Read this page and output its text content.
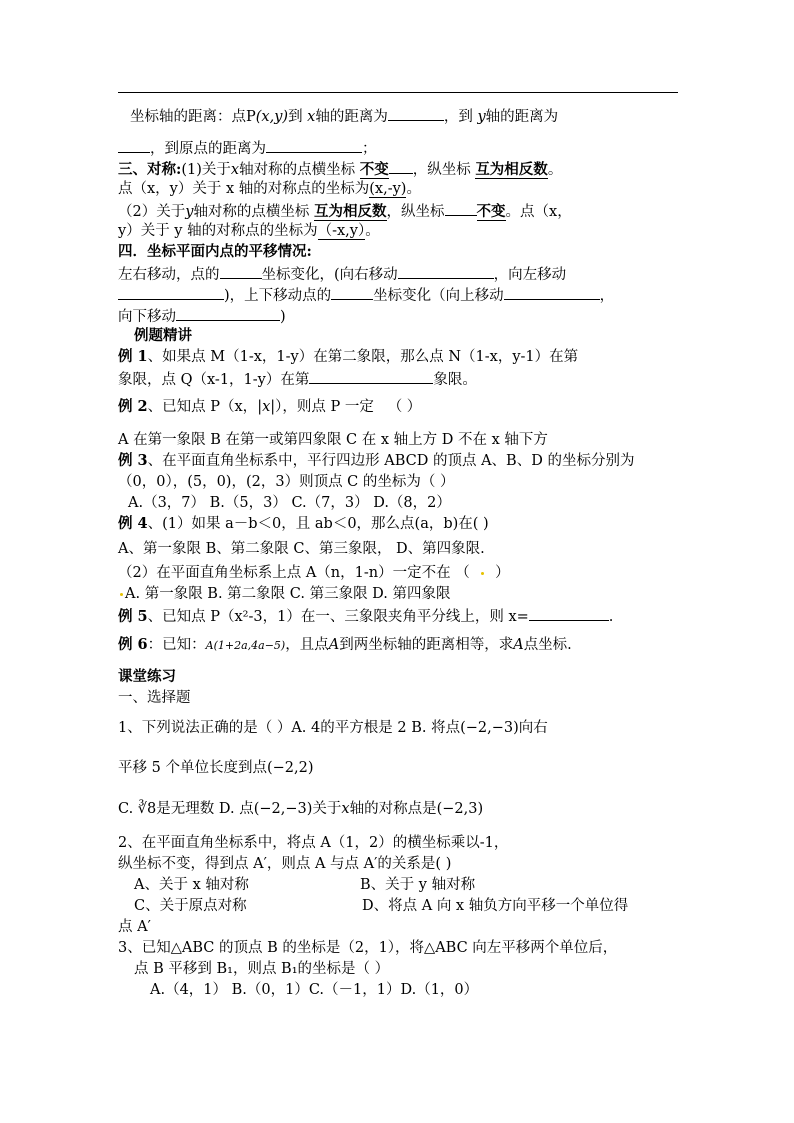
坐标轴的距离：点P(x,y)到 x轴的距离为	，到 y轴的距离为
，到原点的距离为	；
三、对称:(1)关于x轴对称的点横坐标 不变 ，纵坐标 互为相反数。
点（x，y）关于 x 轴的对称点的坐标为(x,-y)。
（2）关于y轴对称的点横坐标 互为相反数，纵坐标 不变。点（x，
y）关于 y 轴的对称点的坐标为（-x,y）。
四．坐标平面内点的平移情况:
左右移动，点的	坐标变化，(向右移动	，向左移动
)，上下移动点的	坐标变化（向上移动	，
向下移动	)
例题精讲
例 1、如果点 M（1-x，1-y）在第二象限，那么点 N（1-x，y-1）在第
象限，点 Q（x-1，1-y）在第	象限。
例 2、已知点 P（x，|x|），则点 P 一定 （ ）
A 在第一象限 B 在第一或第四象限 C 在 x 轴上方 D 不在 x 轴下方
例 3、在平面直角坐标系中，平行四边形 ABCD 的顶点 A、B、D 的坐标分别为
（0，0），(5，0)，(2，3）则顶点 C 的坐标为（ ）
A.（3，7） B.（5，3） C.（7，3） D.（8，2）
例 4、(1）如果 a－b＜0，且 ab＜0，那么点(a，b)在( )
A、第一象限 B、第二象限 C、第三象限， D、第四象限.
（2）在平面直角坐标系上点 A（n，1-n）一定不在 （ ）
A. 第一象限 B. 第二象限 C. 第三象限 D. 第四象限
例 5、已知点 P（x²-3，1）在一、三象限夹角平分线上，则 x=	.
例 6：已知：A(1+2a,4a−5)，且点A到两坐标轴的距离相等，求A点坐标.
课堂练习
一、选择题
1、下列说法正确的是（ ）A. 4的平方根是 2 B. 将点(−2,−3)向右
平移 5 个单位长度到点(−2,2)
C. ∛8是无理数 D. 点(−2,−3)关于x轴的对称点是(−2,3)
2、在平面直角坐标系中，将点 A（1，2）的横坐标乘以-1，
纵坐标不变，得到点 A′，则点 A 与点 A′的关系是( )
A、关于 x 轴对称	B、关于 y 轴对称
C、关于原点对称	D、将点 A 向 x 轴负方向平移一个单位得
点 A′
3、已知△ABC 的顶点 B 的坐标是（2，1），将△ABC 向左平移两个单位后，
点 B 平移到 B₁，则点 B₁的坐标是（ ）
A.（4，1） B.（0，1）C.（－1，1）D.（1，0）
